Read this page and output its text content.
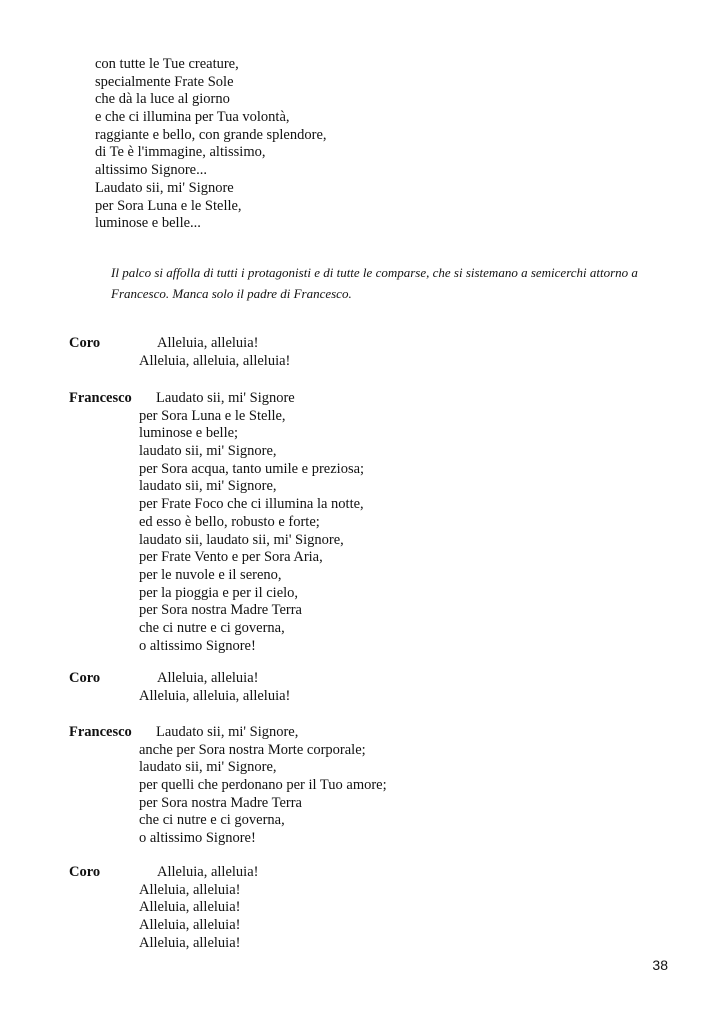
con tutte le Tue creature,
specialmente Frate Sole
che dà la luce al giorno
e che ci illumina per Tua volontà,
raggiante e bello, con grande splendore,
di Te è l'immagine, altissimo,
altissimo Signore...
Laudato sii, mi' Signore
per Sora Luna e le Stelle,
luminose e belle...
Il palco si affolla di tutti i protagonisti e di tutte le comparse, che si sistemano a semicerchi attorno a
Francesco. Manca solo il padre di Francesco.
Coro	Alleluia, alleluia!
Alleluia, alleluia, alleluia!
Francesco Laudato sii, mi' Signore
per Sora Luna e le Stelle,
luminose e belle;
laudato sii, mi' Signore,
per Sora acqua, tanto umile e preziosa;
laudato sii, mi' Signore,
per Frate Foco che ci illumina la notte,
ed esso è bello, robusto e forte;
laudato sii, laudato sii, mi' Signore,
per Frate Vento e per Sora Aria,
per le nuvole e il sereno,
per la pioggia e per il cielo,
per Sora nostra Madre Terra
che ci nutre e ci governa,
o altissimo Signore!
Coro	Alleluia, alleluia!
Alleluia, alleluia, alleluia!
Francesco Laudato sii, mi' Signore,
anche per Sora nostra Morte corporale;
laudato sii, mi' Signore,
per quelli che perdonano per il Tuo amore;
per Sora nostra Madre Terra
che ci nutre e ci governa,
o altissimo Signore!
Coro	Alleluia, alleluia!
Alleluia, alleluia!
Alleluia, alleluia!
Alleluia, alleluia!
Alleluia, alleluia!
38
